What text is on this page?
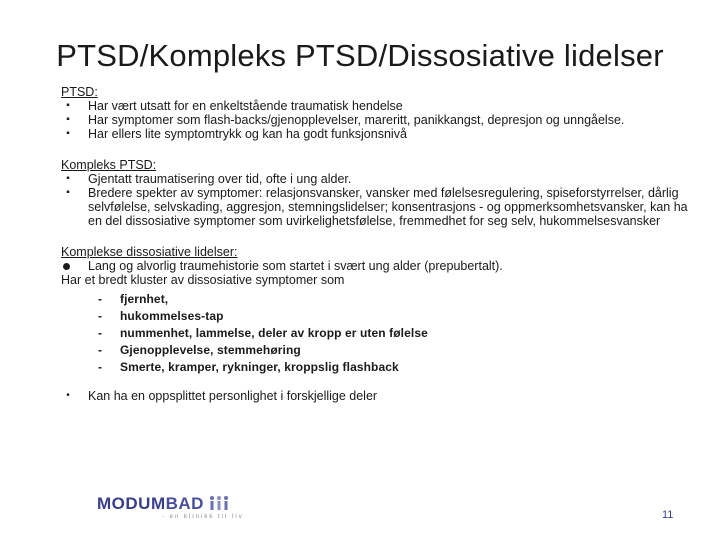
PTSD/Kompleks PTSD/Dissosiative lidelser
PTSD:
▪	Har vært utsatt for en enkeltstående traumatisk hendelse
▪	Har symptomer som flash-backs/gjenopplevelser, mareritt, panikkangst, depresjon og unngåelse.
▪	Har ellers lite symptomtrykk og kan ha godt funksjonsnivå
Kompleks PTSD:
▪	Gjentatt traumatisering over tid, ofte i ung alder.
▪	Bredere spekter av symptomer: relasjonsvansker, vansker med følelsesregulering, spiseforstyrrelser, dårlig selvfølelse, selvskading, aggresjon, stemningslidelser; konsentrasjons - og oppmerksomhetsvansker, kan ha en del dissosiative symptomer som uvirkelighetsfølelse, fremmedhet for seg selv, hukommelsesvansker
Komplekse dissosiative lidelser:
Lang og alvorlig traumehistorie som startet i svært ung alder (prepubertalt).
Har et bredt kluster av dissosiative symptomer som
- fjernhet,
- hukommelses-tap
- nummenhet, lammelse, deler av kropp er uten følelse
- Gjenopplevelse, stemmehøring
- Smerte, kramper, rykninger, kroppslig flashback
•	Kan ha en oppsplittet personlighet i forskjellige deler
MODUMBAD
- en klinikk til liv	11
